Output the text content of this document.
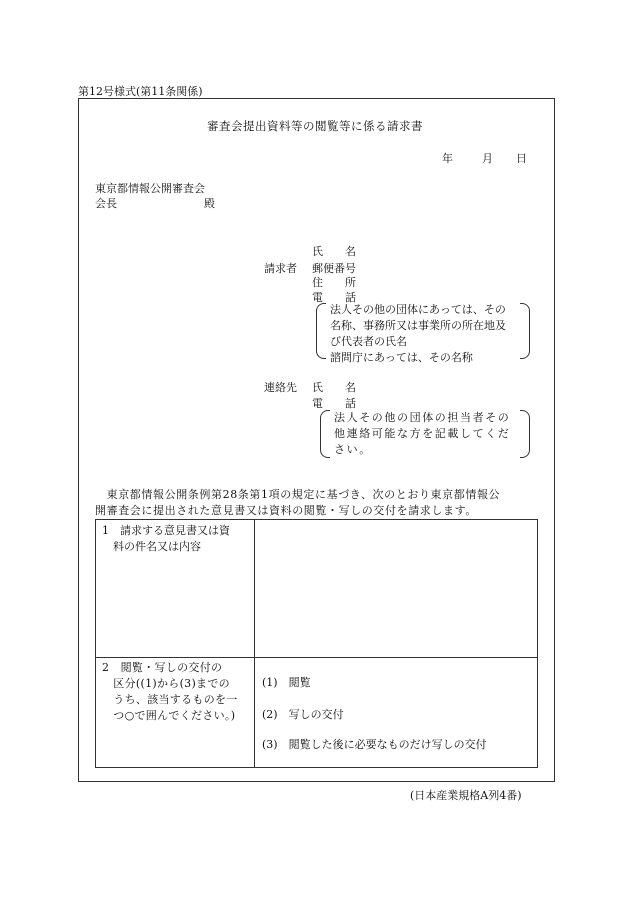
第12号様式(第11条関係)
審査会提出資料等の閲覧等に係る請求書
年	月 日
東京都情報公開審査会
会長	殿
請求者
氏　　名
郵便番号
住　　所
電　　話
法人その他の団体にあっては、その
名称、事務所又は事業所の所在地及
び代表者の氏名
諮問庁にあっては、その名称
連絡先 氏　　名
電　　話
法人その他の団体の担当者その
他連絡可能な方を記載してくだ
さい。
　東京都情報公開条例第28条第1項の規定に基づき、次のとおり東京都情報公
開審査会に提出された意見書又は資料の閲覧・写しの交付を請求します。
1　請求する意見書又は資
　料の件名又は内容
2　閲覧・写しの交付の
　区分((1)から(3)までの
　うち、該当するものを一
　つ○で囲んでください。)
(1)　閲覧
(2)　写しの交付
(3)　閲覧した後に必要なものだけ写しの交付
(日本産業規格A列4番)
